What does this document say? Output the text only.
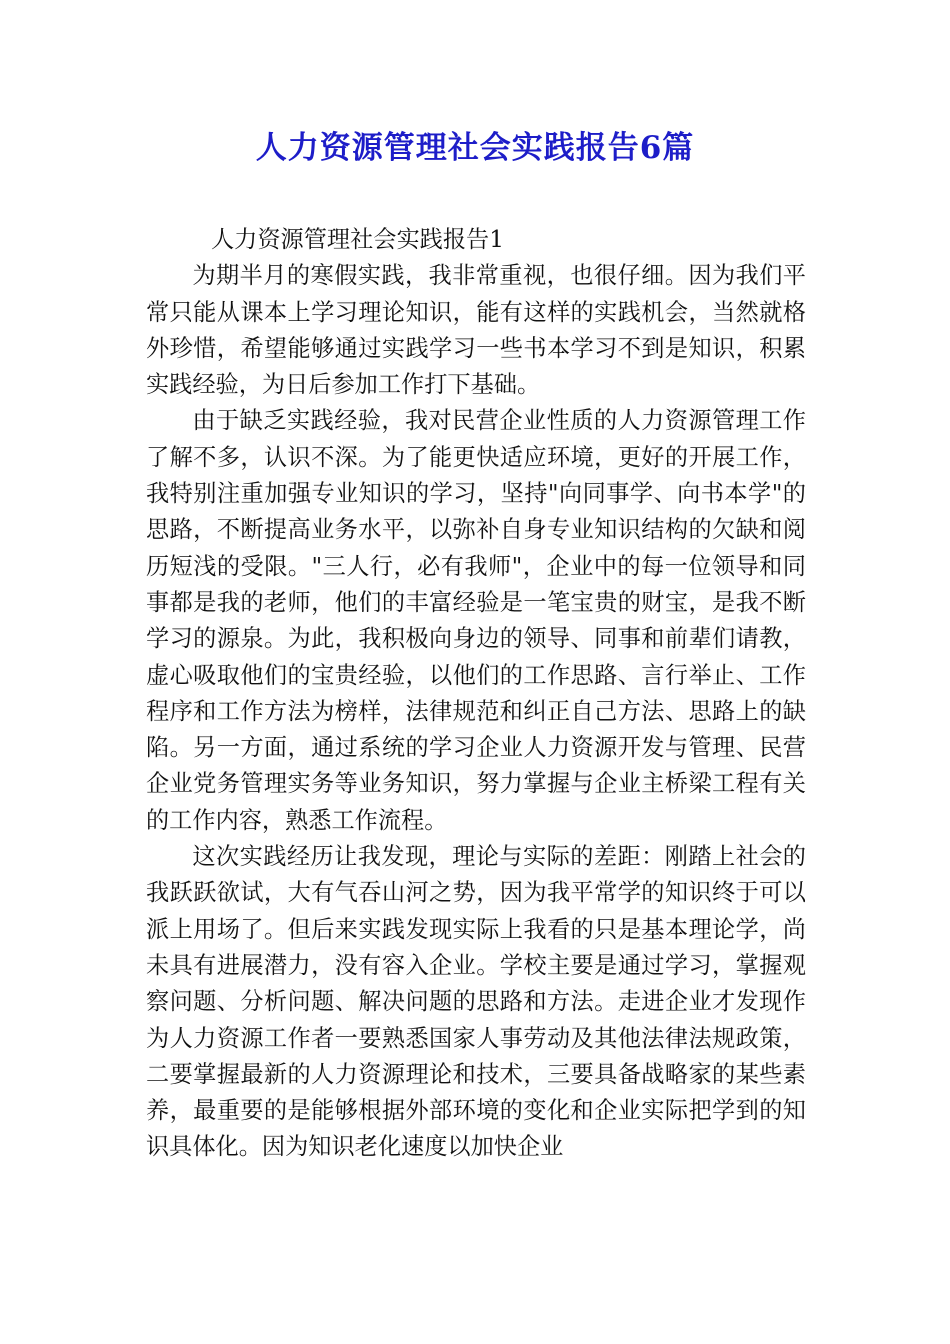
人力资源管理社会实践报告6篇

人力资源管理社会实践报告1

为期半月的寒假实践，我非常重视，也很仔细。因为我们平常只能从课本上学习理论知识，能有这样的实践机会，当然就格外珍惜，希望能够通过实践学习一些书本学习不到是知识，积累实践经验，为日后参加工作打下基础。

由于缺乏实践经验，我对民营企业性质的人力资源管理工作了解不多，认识不深。为了能更快适应环境，更好的开展工作，我特别注重加强专业知识的学习，坚持"向同事学、向书本学"的思路，不断提高业务水平，以弥补自身专业知识结构的欠缺和阅历短浅的受限。"三人行，必有我师"，企业中的每一位领导和同事都是我的老师，他们的丰富经验是一笔宝贵的财宝，是我不断学习的源泉。为此，我积极向身边的领导、同事和前辈们请教，虚心吸取他们的宝贵经验，以他们的工作思路、言行举止、工作程序和工作方法为榜样，法律规范和纠正自己方法、思路上的缺陷。另一方面，通过系统的学习企业人力资源开发与管理、民营企业党务管理实务等业务知识，努力掌握与企业主桥梁工程有关的工作内容，熟悉工作流程。

这次实践经历让我发现，理论与实际的差距：刚踏上社会的我跃跃欲试，大有气吞山河之势，因为我平常学的知识终于可以派上用场了。但后来实践发现实际上我看的只是基本理论学，尚未具有进展潜力，没有容入企业。学校主要是通过学习，掌握观察问题、分析问题、解决问题的思路和方法。走进企业才发现作为人力资源工作者一要熟悉国家人事劳动及其他法律法规政策，二要掌握最新的人力资源理论和技术，三要具备战略家的某些素养，最重要的是能够根据外部环境的变化和企业实际把学到的知识具体化。因为知识老化速度以加快企业
